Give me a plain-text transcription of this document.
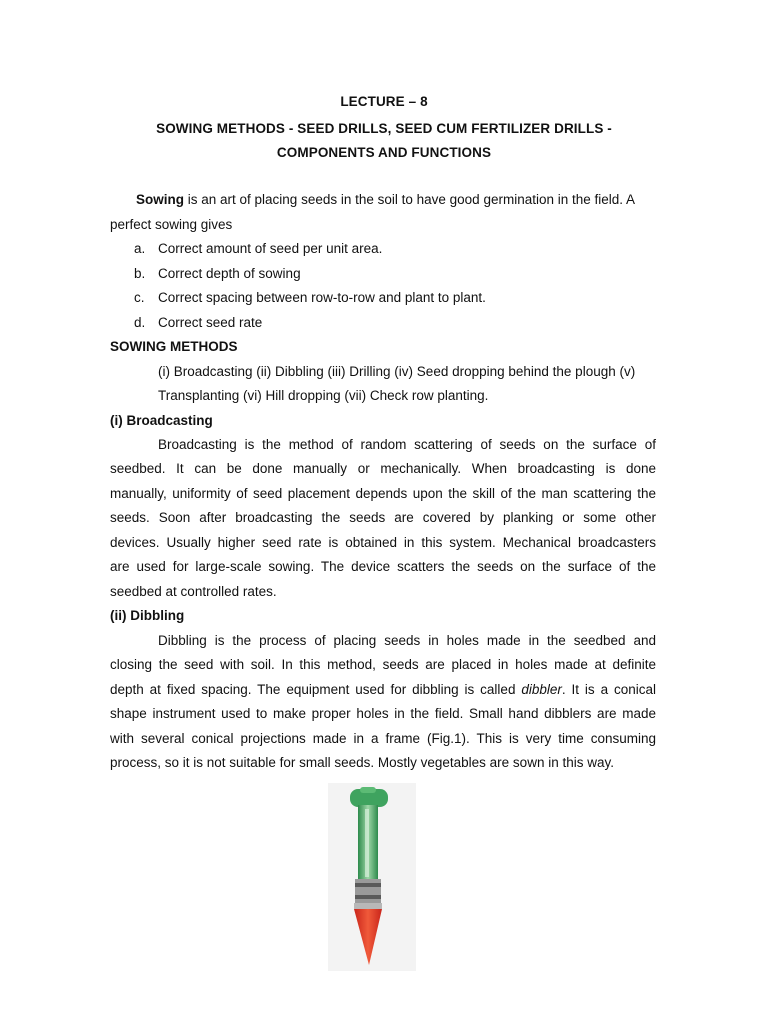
LECTURE – 8
SOWING METHODS - SEED DRILLS, SEED CUM FERTILIZER DRILLS -
COMPONENTS AND FUNCTIONS
Sowing is an art of placing seeds in the soil to have good germination in the field. A
perfect sowing gives
a. Correct amount of seed per unit area.
b. Correct depth of sowing
c. Correct spacing between row-to-row and plant to plant.
d. Correct seed rate
SOWING METHODS
(i) Broadcasting (ii) Dibbling (iii) Drilling (iv) Seed dropping behind the plough (v)
Transplanting (vi) Hill dropping (vii) Check row planting.
(i) Broadcasting
Broadcasting is the method of random scattering of seeds on the surface of
seedbed. It can be done manually or mechanically. When broadcasting is done
manually, uniformity of seed placement depends upon the skill of the man scattering the
seeds. Soon after broadcasting the seeds are covered by planking or some other
devices. Usually higher seed rate is obtained in this system. Mechanical broadcasters
are used for large-scale sowing. The device scatters the seeds on the surface of the
seedbed at controlled rates.
(ii) Dibbling
Dibbling is the process of placing seeds in holes made in the seedbed and
closing the seed with soil. In this method, seeds are placed in holes made at definite
depth at fixed spacing. The equipment used for dibbling is called dibbler. It is a conical
shape instrument used to make proper holes in the field. Small hand dibblers are made
with several conical projections made in a frame (Fig.1). This is very time consuming
process, so it is not suitable for small seeds. Mostly vegetables are sown in this way.
